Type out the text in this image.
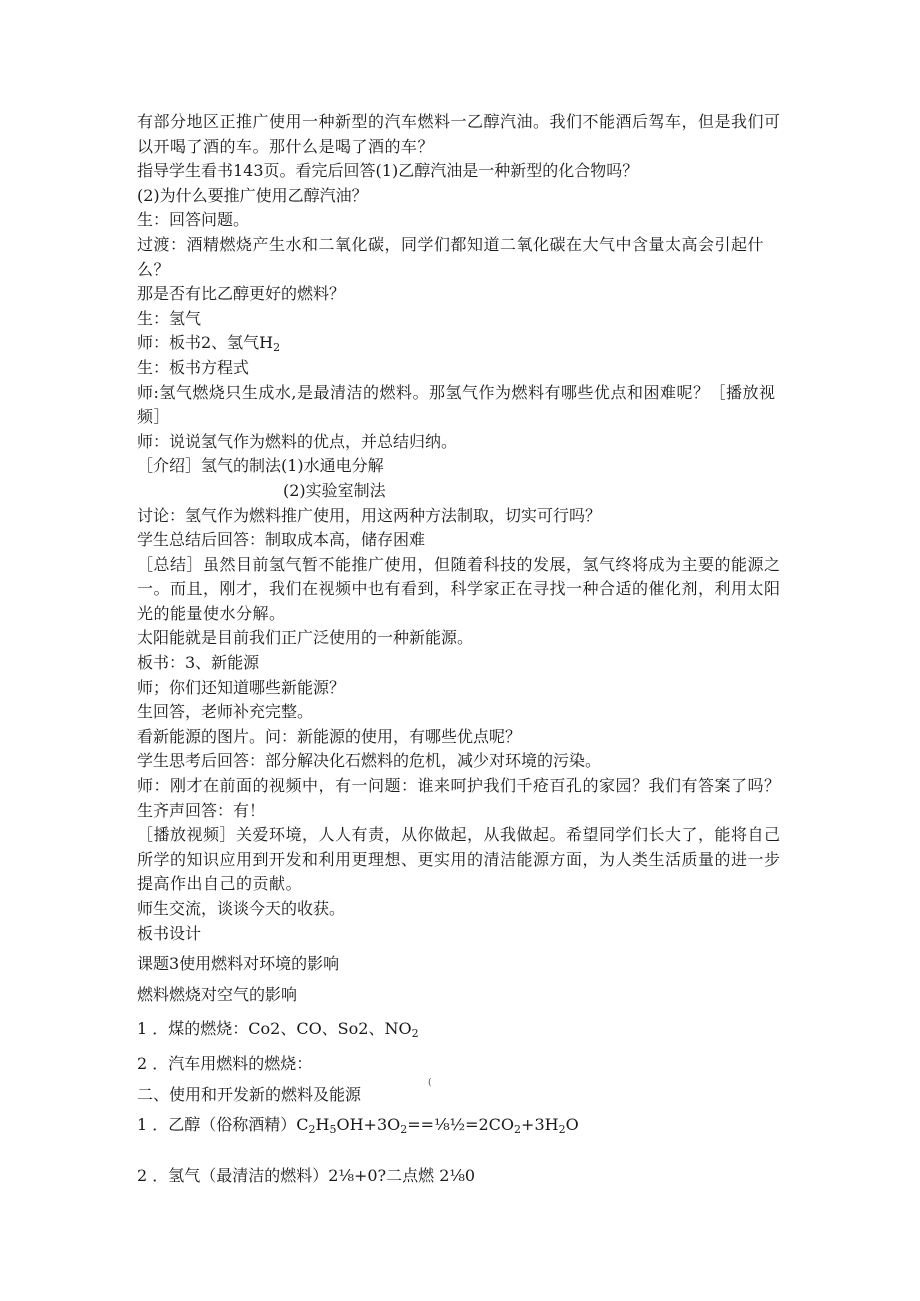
有部分地区正推广使用一种新型的汽车燃料一乙醇汽油。我们不能酒后驾车，但是我们可以开喝了酒的车。那什么是喝了酒的车？
指导学生看书143页。看完后回答(1)乙醇汽油是一种新型的化合物吗？
(2)为什么要推广使用乙醇汽油？
生：回答问题。
过渡：酒精燃烧产生水和二氧化碳，同学们都知道二氧化碳在大气中含量太高会引起什么？
那是否有比乙醇更好的燃料？
生：氢气
师：板书2、氢气$H_2$
生：板书方程式
师:氢气燃烧只生成水,是最清洁的燃料。那氢气作为燃料有哪些优点和困难呢？［播放视频］
师：说说氢气作为燃料的优点，并总结归纳。
［介绍］氢气的制法(1)水通电分解
(2)实验室制法
讨论：氢气作为燃料推广使用，用这两种方法制取，切实可行吗？
学生总结后回答：制取成本高，储存困难
［总结］虽然目前氢气暂不能推广使用，但随着科技的发展，氢气终将成为主要的能源之一。而且，刚才，我们在视频中也有看到，科学家正在寻找一种合适的催化剂，利用太阳光的能量使水分解。
太阳能就是目前我们正广泛使用的一种新能源。
板书：3、新能源
师；你们还知道哪些新能源？
生回答，老师补充完整。
看新能源的图片。问：新能源的使用，有哪些优点呢？
学生思考后回答：部分解决化石燃料的危机，减少对环境的污染。
师：刚才在前面的视频中，有一问题：谁来呵护我们千疮百孔的家园？我们有答案了吗？
生齐声回答：有！
［播放视频］关爱环境，人人有责，从你做起，从我做起。希望同学们长大了，能将自己所学的知识应用到开发和利用更理想、更实用的清洁能源方面，为人类生活质量的进一步提高作出自己的贡献。
师生交流，谈谈今天的收获。
板书设计
课题3使用燃料对环境的影响
燃料燃烧对空气的影响
1 ．煤的燃烧：Co2、CO、So2、$NO_2$
2 ．汽车用燃料的燃烧：
二、使用和开发新的燃料及能源
1 ．乙醇（俗称酒精）$C_2H_5OH+3O_2==\frac{1}{8}\frac{1}{2}=2CO_2+3H_2O$
2 ．氢气（最清洁的燃料）2⅛+0?二点燃 2⅛0
(
